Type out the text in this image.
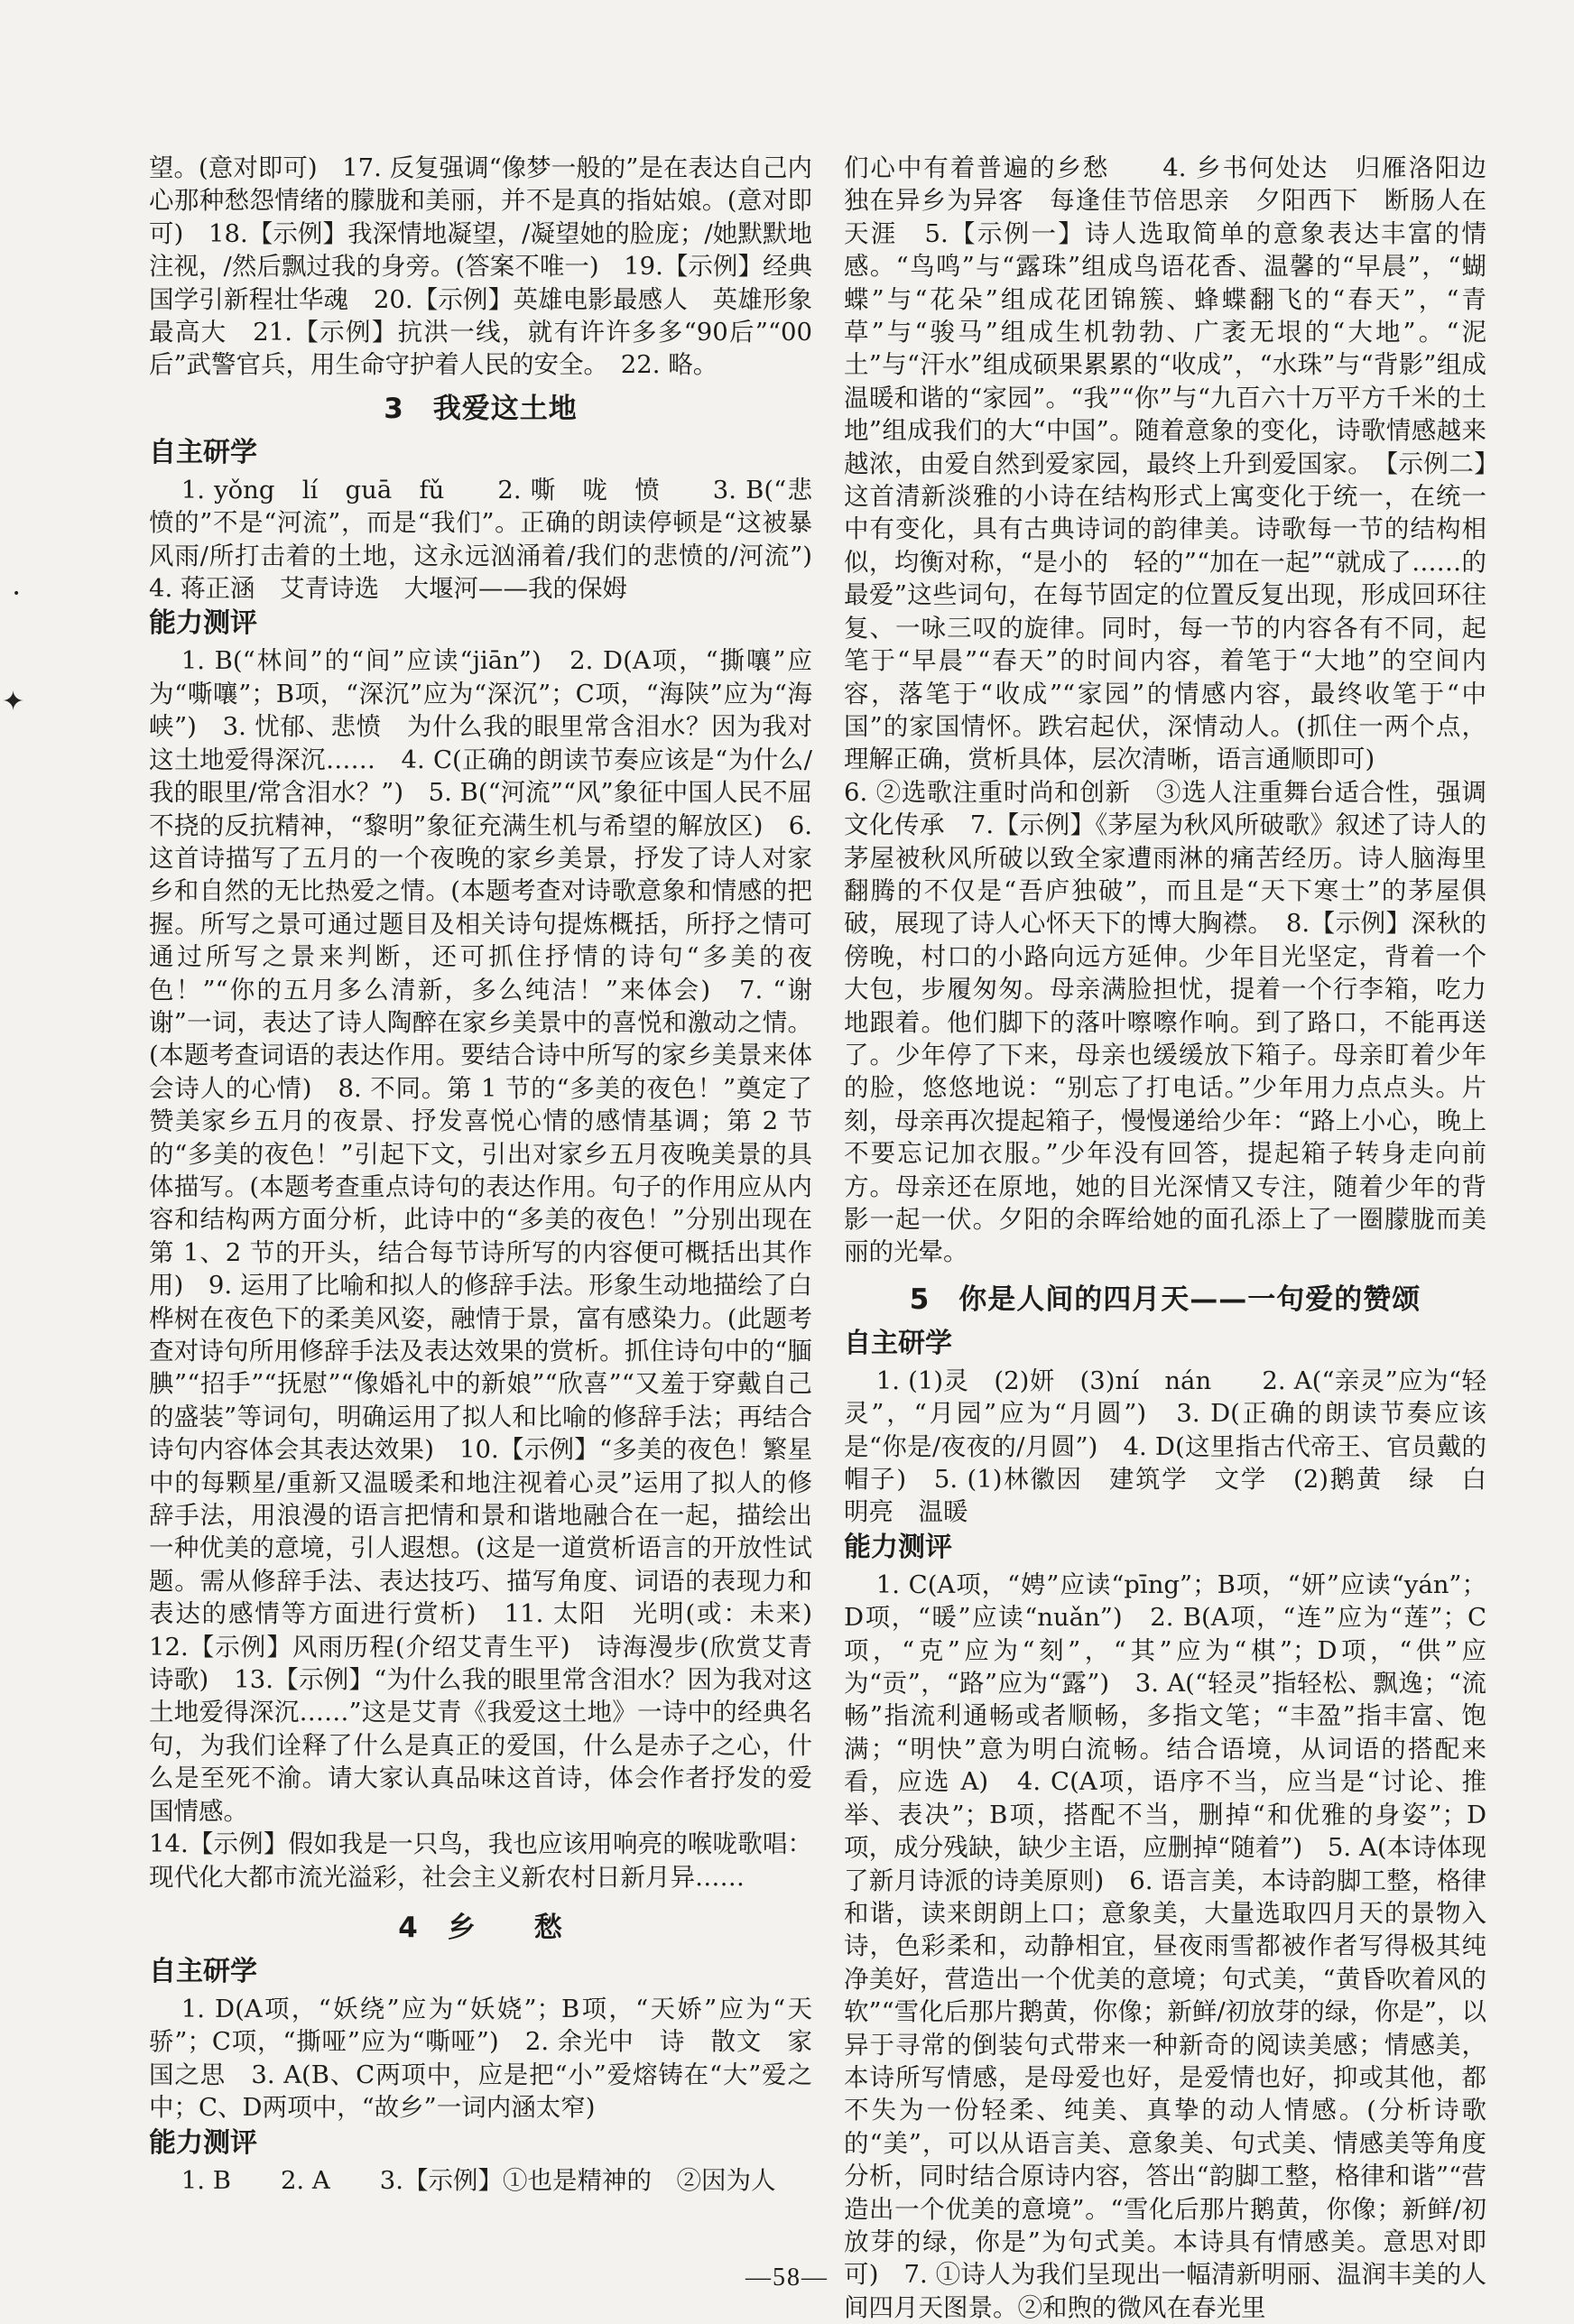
望。(意对即可)　17. 反复强调“像梦一般的”是在表达自己内心那种愁怨情绪的朦胧和美丽，并不是真的指姑娘。(意对即可)　18.【示例】我深情地凝望，/凝望她的脸庞；/她默默地注视，/然后飘过我的身旁。(答案不唯一)　19.【示例】经典国学引新程壮华魂　20.【示例】英雄电影最感人　英雄形象最高大　21.【示例】抗洪一线，就有许许多多“90后”“00后”武警官兵，用生命守护着人民的安全。　22. 略。

3　我爱这土地
自主研学

1. yǒng　lí　guā　fǔ　　2. 嘶　咙　愤　　3. B(“悲愤的”不是“河流”，而是“我们”。正确的朗读停顿是“这被暴风雨/所打击着的土地，这永远汹涌着/我们的悲愤的/河流”)　4. 蒋正涵　艾青诗选　大堰河——我的保姆

能力测评

1. B(“林间”的“间”应读“jiān”)　2. D(A项，“撕嚷”应为“嘶嚷”；B项，“深沉”应为“深沉”；C项，“海陕”应为“海峡”)　3. 忧郁、悲愤　为什么我的眼里常含泪水？因为我对这土地爱得深沉……　4. C(正确的朗读节奏应该是“为什么/我的眼里/常含泪水？”)　5. B(“河流”“风”象征中国人民不屈不挠的反抗精神，“黎明”象征充满生机与希望的解放区)　6. 这首诗描写了五月的一个夜晚的家乡美景，抒发了诗人对家乡和自然的无比热爱之情。(本题考查对诗歌意象和情感的把握。所写之景可通过题目及相关诗句提炼概括，所抒之情可通过所写之景来判断，还可抓住抒情的诗句“多美的夜色！”“你的五月多么清新，多么纯洁！”来体会)　7. “谢谢”一词，表达了诗人陶醉在家乡美景中的喜悦和激动之情。(本题考查词语的表达作用。要结合诗中所写的家乡美景来体会诗人的心情)　8. 不同。第 1 节的“多美的夜色！”奠定了赞美家乡五月的夜景、抒发喜悦心情的感情基调；第 2 节的“多美的夜色！”引起下文，引出对家乡五月夜晚美景的具体描写。(本题考查重点诗句的表达作用。句子的作用应从内容和结构两方面分析，此诗中的“多美的夜色！”分别出现在第 1、2 节的开头，结合每节诗所写的内容便可概括出其作用)　9. 运用了比喻和拟人的修辞手法。形象生动地描绘了白桦树在夜色下的柔美风姿，融情于景，富有感染力。(此题考查对诗句所用修辞手法及表达效果的赏析。抓住诗句中的“腼腆”“招手”“抚慰”“像婚礼中的新娘”“欣喜”“又羞于穿戴自己的盛装”等词句，明确运用了拟人和比喻的修辞手法；再结合诗句内容体会其表达效果)　10.【示例】“多美的夜色！繁星中的每颗星/重新又温暖柔和地注视着心灵”运用了拟人的修辞手法，用浪漫的语言把情和景和谐地融合在一起，描绘出一种优美的意境，引人遐想。(这是一道赏析语言的开放性试题。需从修辞手法、表达技巧、描写角度、词语的表现力和表达的感情等方面进行赏析)　11. 太阳　光明(或：未来)　12.【示例】风雨历程(介绍艾青生平)　诗海漫步(欣赏艾青诗歌)　13.【示例】“为什么我的眼里常含泪水？因为我对这土地爱得深沉……”这是艾青《我爱这土地》一诗中的经典名句，为我们诠释了什么是真正的爱国，什么是赤子之心，什么是至死不渝。请大家认真品味这首诗，体会作者抒发的爱国情感。

14.【示例】假如我是一只鸟，我也应该用响亮的喉咙歌唱：现代化大都市流光溢彩，社会主义新农村日新月异……

4　乡　　愁
自主研学

1. D(A项，“妖绕”应为“妖娆”；B项，“天娇”应为“天骄”；C项，“撕哑”应为“嘶哑”)　2. 余光中　诗　散文　家国之思　3. A(B、C两项中，应是把“小”爱熔铸在“大”爱之中；C、D两项中，“故乡”一词内涵太窄)

能力测评

1. B　　2. A　　3.【示例】①也是精神的　②因为人

们心中有着普遍的乡愁　　4. 乡书何处达　归雁洛阳边　独在异乡为异客　每逢佳节倍思亲　夕阳西下　断肠人在天涯　5.【示例一】诗人选取简单的意象表达丰富的情感。“鸟鸣”与“露珠”组成鸟语花香、温馨的“早晨”，“蝴蝶”与“花朵”组成花团锦簇、蜂蝶翻飞的“春天”，“青草”与“骏马”组成生机勃勃、广袤无垠的“大地”。“泥土”与“汗水”组成硕果累累的“收成”，“水珠”与“背影”组成温暖和谐的“家园”。“我”“你”与“九百六十万平方千米的土地”组成我们的大“中国”。随着意象的变化，诗歌情感越来越浓，由爱自然到爱家园，最终上升到爱国家。　【示例二】这首清新淡雅的小诗在结构形式上寓变化于统一，在统一中有变化，具有古典诗词的韵律美。诗歌每一节的结构相似，均衡对称，“是小的　轻的”“加在一起”“就成了……的最爱”这些词句，在每节固定的位置反复出现，形成回环往复、一咏三叹的旋律。同时，每一节的内容各有不同，起笔于“早晨”“春天”的时间内容，着笔于“大地”的空间内容，落笔于“收成”“家园”的情感内容，最终收笔于“中国”的家国情怀。跌宕起伏，深情动人。(抓住一两个点，理解正确，赏析具体，层次清晰，语言通顺即可)

6. ②选歌注重时尚和创新　③选人注重舞台适合性，强调文化传承　7.【示例】《茅屋为秋风所破歌》叙述了诗人的茅屋被秋风所破以致全家遭雨淋的痛苦经历。诗人脑海里翻腾的不仅是“吾庐独破”，而且是“天下寒士”的茅屋俱破，展现了诗人心怀天下的博大胸襟。　8.【示例】深秋的傍晚，村口的小路向远方延伸。少年目光坚定，背着一个大包，步履匆匆。母亲满脸担忧，提着一个行李箱，吃力地跟着。他们脚下的落叶嚓嚓作响。到了路口，不能再送了。少年停了下来，母亲也缓缓放下箱子。母亲盯着少年的脸，悠悠地说：“别忘了打电话。”少年用力点点头。片刻，母亲再次提起箱子，慢慢递给少年：“路上小心，晚上不要忘记加衣服。”少年没有回答，提起箱子转身走向前方。母亲还在原地，她的目光深情又专注，随着少年的背影一起一伏。夕阳的余晖给她的面孔添上了一圈朦胧而美丽的光晕。

5　你是人间的四月天——一句爱的赞颂
自主研学

1. (1)灵　(2)妍　(3)ní　nán　　2. A(“亲灵”应为“轻灵”，“月园”应为“月圆”)　3. D(正确的朗读节奏应该是“你是/夜夜的/月圆”)　4. D(这里指古代帝王、官员戴的帽子)　5. (1)林徽因　建筑学　文学　(2)鹅黄　绿　白　明亮　温暖

能力测评

1. C(A项，“娉”应读“pīng”；B项，“妍”应读“yán”；D项，“暖”应读“nuǎn”)　2. B(A项，“连”应为“莲”；C项，“克”应为“刻”，“其”应为“棋”；D项，“供”应为“贡”，“路”应为“露”)　3. A(“轻灵”指轻松、飘逸；“流畅”指流利通畅或者顺畅，多指文笔；“丰盈”指丰富、饱满；“明快”意为明白流畅。结合语境，从词语的搭配来看，应选 A)　4. C(A项，语序不当，应当是“讨论、推举、表决”；B项，搭配不当，删掉“和优雅的身姿”；D项，成分残缺，缺少主语，应删掉“随着”)　5. A(本诗体现了新月诗派的诗美原则)　6. 语言美，本诗韵脚工整，格律和谐，读来朗朗上口；意象美，大量选取四月天的景物入诗，色彩柔和，动静相宜，昼夜雨雪都被作者写得极其纯净美好，营造出一个优美的意境；句式美，“黄昏吹着风的软”“雪化后那片鹅黄，你像；新鲜/初放芽的绿，你是”，以异于寻常的倒装句式带来一种新奇的阅读美感；情感美，本诗所写情感，是母爱也好，是爱情也好，抑或其他，都不失为一份轻柔、纯美、真挚的动人情感。(分析诗歌的“美”，可以从语言美、意象美、句式美、情感美等角度分析，同时结合原诗内容，答出“韵脚工整，格律和谐”“营造出一个优美的意境”。“雪化后那片鹅黄，你像；新鲜/初放芽的绿，你是”为句式美。本诗具有情感美。意思对即可)　7. ①诗人为我们呈现出一幅清新明丽、温润丰美的人间四月天图景。②和煦的微风在春光里

•
✦
—58—
